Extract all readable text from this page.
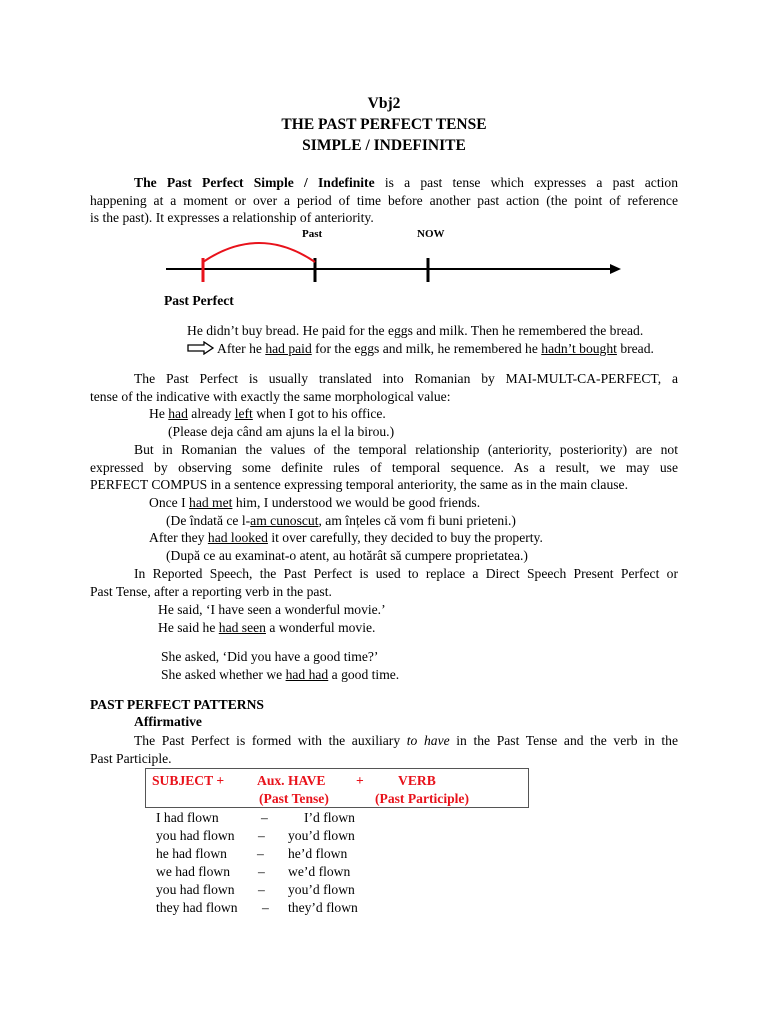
Vbj2
THE PAST PERFECT TENSE
SIMPLE / INDEFINITE
The Past Perfect Simple / Indefinite is a past tense which expresses a past action
happening at a moment or over a period of time before another past action (the point of reference
is the past). It expresses a relationship of anteriority.
Past	NOW
Past Perfect
He didn’t buy bread. He paid for the eggs and milk. Then he remembered the bread.
After he had paid for the eggs and milk, he remembered he hadn’t bought bread.
The Past Perfect is usually translated into Romanian by MAI-MULT-CA-PERFECT, a
tense of the indicative with exactly the same morphological value:
He had already left when I got to his office.
(Please deja când am ajuns la el la birou.)
But in Romanian the values of the temporal relationship (anteriority, posteriority) are not
expressed by observing some definite rules of temporal sequence. As a result, we may use
PERFECT COMPUS in a sentence expressing temporal anteriority, the same as in the main clause.
Once I had met him, I understood we would be good friends.
(De îndată ce l-am cunoscut, am înțeles că vom fi buni prieteni.)
After they had looked it over carefully, they decided to buy the property.
(După ce au examinat-o atent, au hotărât să cumpere proprietatea.)
In Reported Speech, the Past Perfect is used to replace a Direct Speech Present Perfect or
Past Tense, after a reporting verb in the past.
He said, ‘I have seen a wonderful movie.’
He said he had seen a wonderful movie.
She asked, ‘Did you have a good time?’
She asked whether we had had a good time.
PAST PERFECT PATTERNS
Affirmative
The Past Perfect is formed with the auxiliary to have in the Past Tense and the verb in the
Past Participle.
SUBJECT + Aux. HAVE +	VERB
(Past Tense)	(Past Participle)
I had flown	–	I’d flown
you had flown – you’d flown
he had flown – he’d flown
we had flown – we’d flown
you had flown – you’d flown
they had flown – they’d flown
